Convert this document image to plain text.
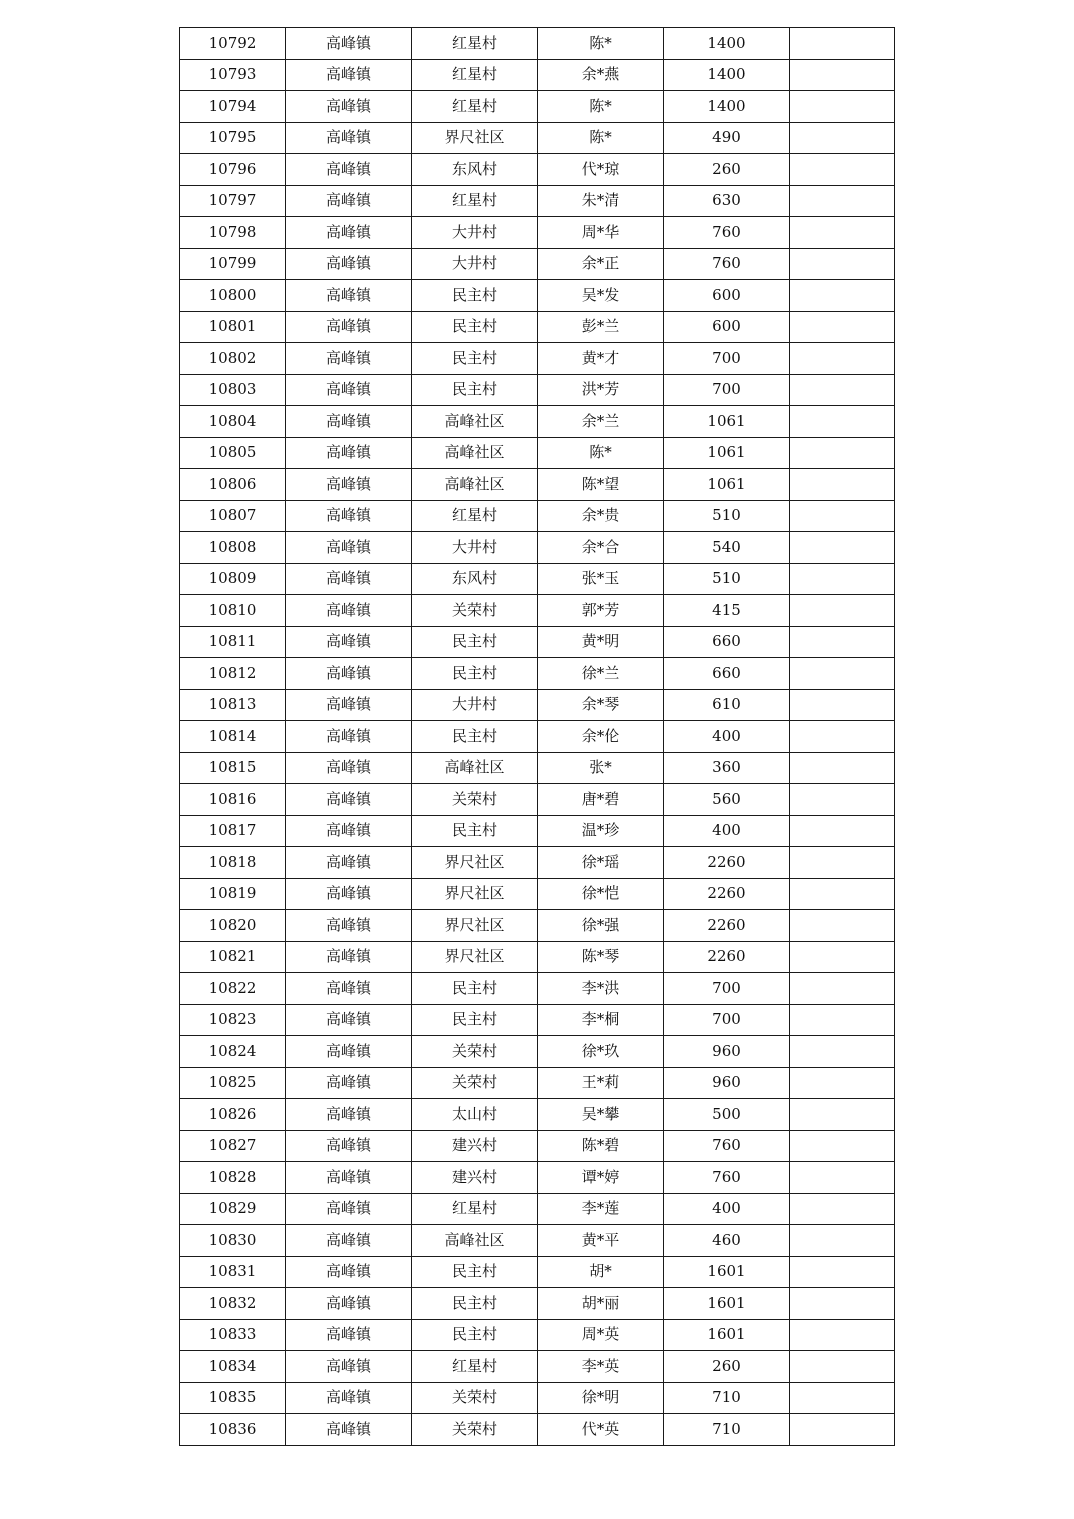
10792	高峰镇	红星村	陈*	1400	
10793	高峰镇	红星村	余*燕	1400	
10794	高峰镇	红星村	陈*	1400	
10795	高峰镇	界尺社区	陈*	490	
10796	高峰镇	东风村	代*琼	260	
10797	高峰镇	红星村	朱*清	630	
10798	高峰镇	大井村	周*华	760	
10799	高峰镇	大井村	余*正	760	
10800	高峰镇	民主村	吴*发	600	
10801	高峰镇	民主村	彭*兰	600	
10802	高峰镇	民主村	黄*才	700	
10803	高峰镇	民主村	洪*芳	700	
10804	高峰镇	高峰社区	余*兰	1061	
10805	高峰镇	高峰社区	陈*	1061	
10806	高峰镇	高峰社区	陈*望	1061	
10807	高峰镇	红星村	余*贵	510	
10808	高峰镇	大井村	余*合	540	
10809	高峰镇	东风村	张*玉	510	
10810	高峰镇	关荣村	郭*芳	415	
10811	高峰镇	民主村	黄*明	660	
10812	高峰镇	民主村	徐*兰	660	
10813	高峰镇	大井村	余*琴	610	
10814	高峰镇	民主村	余*伦	400	
10815	高峰镇	高峰社区	张*	360	
10816	高峰镇	关荣村	唐*碧	560	
10817	高峰镇	民主村	温*珍	400	
10818	高峰镇	界尺社区	徐*瑶	2260	
10819	高峰镇	界尺社区	徐*恺	2260	
10820	高峰镇	界尺社区	徐*强	2260	
10821	高峰镇	界尺社区	陈*琴	2260	
10822	高峰镇	民主村	李*洪	700	
10823	高峰镇	民主村	李*桐	700	
10824	高峰镇	关荣村	徐*玖	960	
10825	高峰镇	关荣村	王*莉	960	
10826	高峰镇	太山村	吴*攀	500	
10827	高峰镇	建兴村	陈*碧	760	
10828	高峰镇	建兴村	谭*婷	760	
10829	高峰镇	红星村	李*莲	400	
10830	高峰镇	高峰社区	黄*平	460	
10831	高峰镇	民主村	胡*	1601	
10832	高峰镇	民主村	胡*丽	1601	
10833	高峰镇	民主村	周*英	1601	
10834	高峰镇	红星村	李*英	260	
10835	高峰镇	关荣村	徐*明	710	
10836	高峰镇	关荣村	代*英	710	
